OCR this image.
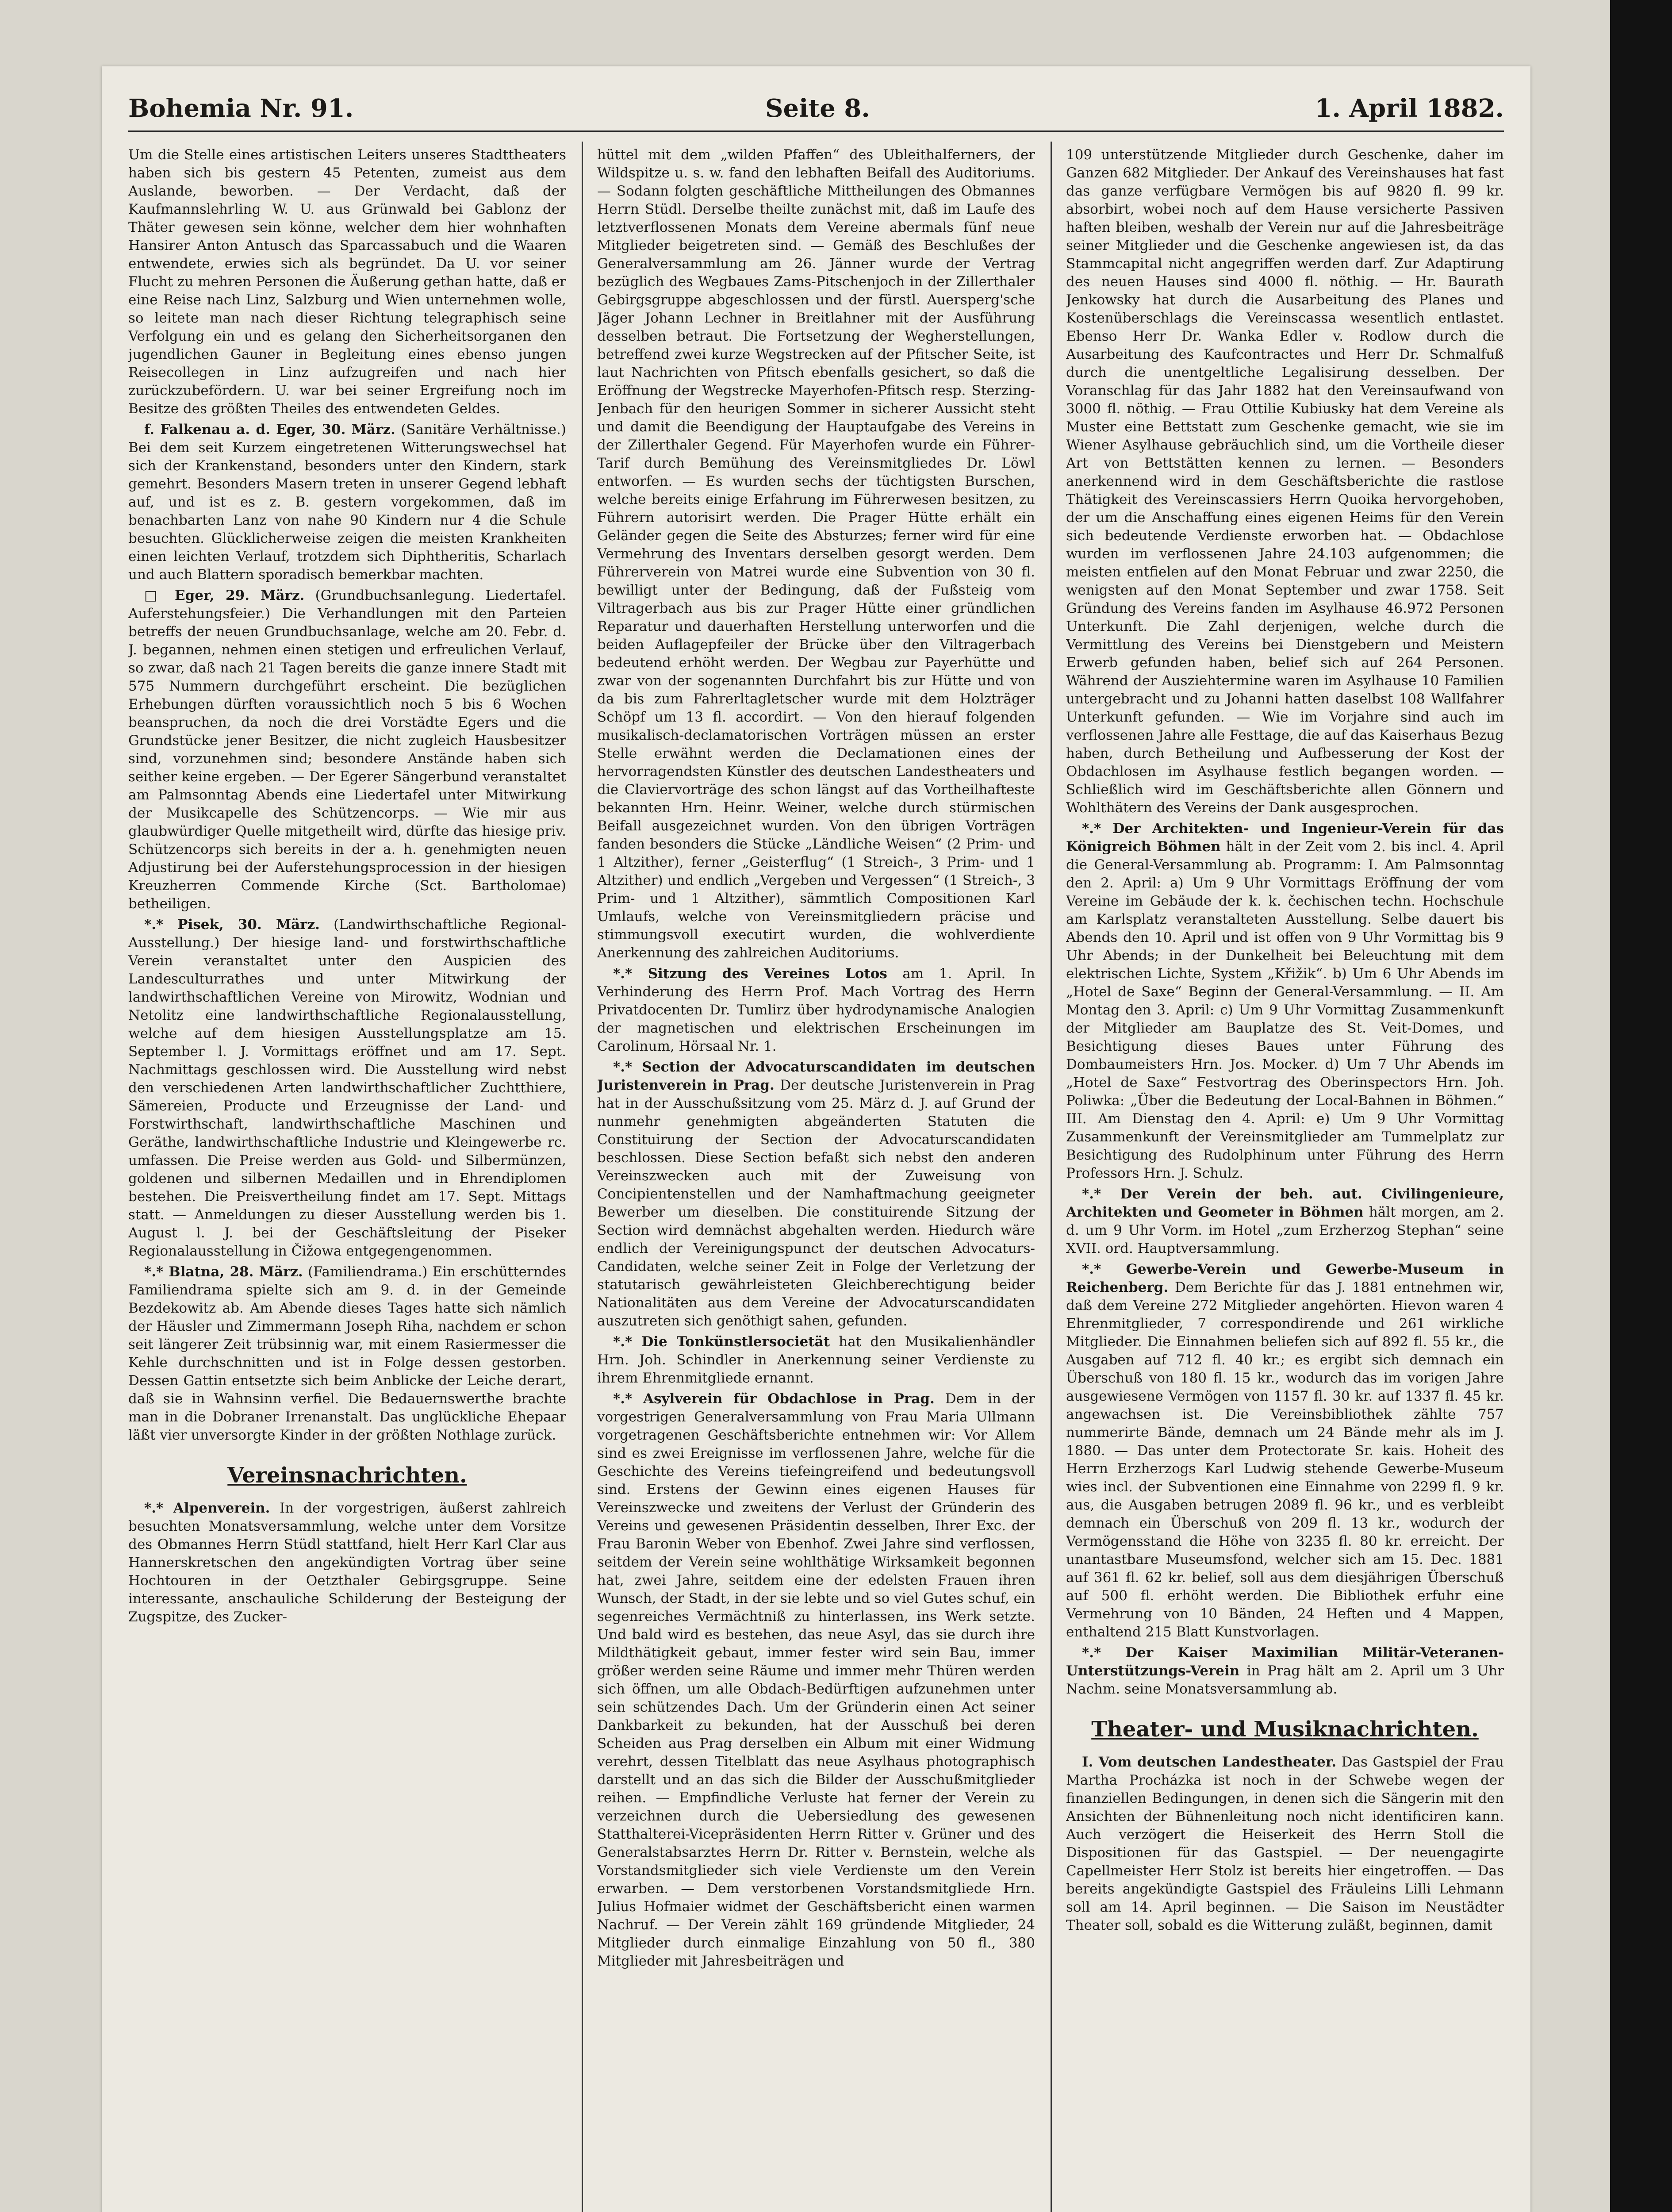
Bohemia Nr. 91.	Seite 8.	1. April 1882.

Um die Stelle eines artistischen Leiters unseres Stadttheaters haben sich bis gestern 45 Petenten, zumeist aus dem Auslande, beworben. — Der Verdacht, daß der Kaufmannslehrling W. U. aus Grünwald bei Gablonz der Thäter gewesen sein könne, welcher dem hier wohnhaften Hansirer Anton Antusch das Sparcassabuch und die Waaren entwendete, erwies sich als begründet. Da U. vor seiner Flucht zu mehren Personen die Äußerung gethan hatte, daß er eine Reise nach Linz, Salzburg und Wien unternehmen wolle, so leitete man nach dieser Richtung telegraphisch seine Verfolgung ein und es gelang den Sicherheitsorganen den jugendlichen Gauner in Begleitung eines ebenso jungen Reisecollegen in Linz aufzugreifen und nach hier zurückzubefördern. U. war bei seiner Ergreifung noch im Besitze des größten Theiles des entwendeten Geldes.

f. Falkenau a. d. Eger, 30. März. (Sanitäre Verhältnisse.) Bei dem seit Kurzem eingetretenen Witterungswechsel hat sich der Krankenstand, besonders unter den Kindern, stark gemehrt. Besonders Masern treten in unserer Gegend lebhaft auf, und ist es z. B. gestern vorgekommen, daß im benachbarten Lanz von nahe 90 Kindern nur 4 die Schule besuchten. Glücklicherweise zeigen die meisten Krankheiten einen leichten Verlauf, trotzdem sich Diphtheritis, Scharlach und auch Blattern sporadisch bemerkbar machten.

□ Eger, 29. März. (Grundbuchsanlegung. Liedertafel. Auferstehungsfeier.) Die Verhandlungen mit den Parteien betreffs der neuen Grundbuchsanlage, welche am 20. Febr. d. J. begannen, nehmen einen stetigen und erfreulichen Verlauf, so zwar, daß nach 21 Tagen bereits die ganze innere Stadt mit 575 Nummern durchgeführt erscheint. Die bezüglichen Erhebungen dürften voraussichtlich noch 5 bis 6 Wochen beanspruchen, da noch die drei Vorstädte Egers und die Grundstücke jener Besitzer, die nicht zugleich Hausbesitzer sind, vorzunehmen sind; besondere Anstände haben sich seither keine ergeben. — Der Egerer Sängerbund veranstaltet am Palmsonntag Abends eine Liedertafel unter Mitwirkung der Musikcapelle des Schützencorps. — Wie mir aus glaubwürdiger Quelle mitgetheilt wird, dürfte das hiesige priv. Schützencorps sich bereits in der a. h. genehmigten neuen Adjustirung bei der Auferstehungsprocession in der hiesigen Kreuzherren Commende Kirche (Sct. Bartholomae) betheiligen.

*.* Pisek, 30. März. (Landwirthschaftliche Regional-Ausstellung.) Der hiesige land- und forstwirthschaftliche Verein veranstaltet unter den Auspicien des Landesculturrathes und unter Mitwirkung der landwirthschaftlichen Vereine von Mirowitz, Wodnian und Netolitz eine landwirthschaftliche Regionalausstellung, welche auf dem hiesigen Ausstellungsplatze am 15. September l. J. Vormittags eröffnet und am 17. Sept. Nachmittags geschlossen wird. Die Ausstellung wird nebst den verschiedenen Arten landwirthschaftlicher Zuchtthiere, Sämereien, Producte und Erzeugnisse der Land- und Forstwirthschaft, landwirthschaftliche Maschinen und Geräthe, landwirthschaftliche Industrie und Kleingewerbe rc. umfassen. Die Preise werden aus Gold- und Silbermünzen, goldenen und silbernen Medaillen und in Ehrendiplomen bestehen. Die Preisvertheilung findet am 17. Sept. Mittags statt. — Anmeldungen zu dieser Ausstellung werden bis 1. August l. J. bei der Geschäftsleitung der Piseker Regionalausstellung in Čižowa entgegengenommen.

*.* Blatna, 28. März. (Familiendrama.) Ein erschütterndes Familiendrama spielte sich am 9. d. in der Gemeinde Bezdekowitz ab. Am Abende dieses Tages hatte sich nämlich der Häusler und Zimmermann Joseph Riha, nachdem er schon seit längerer Zeit trübsinnig war, mit einem Rasiermesser die Kehle durchschnitten und ist in Folge dessen gestorben. Dessen Gattin entsetzte sich beim Anblicke der Leiche derart, daß sie in Wahnsinn verfiel. Die Bedauernswerthe brachte man in die Dobraner Irrenanstalt. Das unglückliche Ehepaar läßt vier unversorgte Kinder in der größten Nothlage zurück.

Vereinsnachrichten.

*.* Alpenverein. In der vorgestrigen, äußerst zahlreich besuchten Monatsversammlung, welche unter dem Vorsitze des Obmannes Herrn Stüdl stattfand, hielt Herr Karl Clar aus Hannerskretschen den angekündigten Vortrag über seine Hochtouren in der Oetzthaler Gebirgsgruppe. Seine interessante, anschauliche Schilderung der Besteigung der Zugspitze, des Zucker-

hüttel mit dem „wilden Pfaffen“ des Ubleithalferners, der Wildspitze u. s. w. fand den lebhaften Beifall des Auditoriums. — Sodann folgten geschäftliche Mittheilungen des Obmannes Herrn Stüdl. Derselbe theilte zunächst mit, daß im Laufe des letztverflossenen Monats dem Vereine abermals fünf neue Mitglieder beigetreten sind. — Gemäß des Beschlußes der Generalversammlung am 26. Jänner wurde der Vertrag bezüglich des Wegbaues Zams-Pitschenjoch in der Zillerthaler Gebirgsgruppe abgeschlossen und der fürstl. Auersperg'sche Jäger Johann Lechner in Breitlahner mit der Ausführung desselben betraut. Die Fortsetzung der Wegherstellungen, betreffend zwei kurze Wegstrecken auf der Pfitscher Seite, ist laut Nachrichten von Pfitsch ebenfalls gesichert, so daß die Eröffnung der Wegstrecke Mayerhofen-Pfitsch resp. Sterzing-Jenbach für den heurigen Sommer in sicherer Aussicht steht und damit die Beendigung der Hauptaufgabe des Vereins in der Zillerthaler Gegend. Für Mayerhofen wurde ein Führer-Tarif durch Bemühung des Vereinsmitgliedes Dr. Löwl entworfen. — Es wurden sechs der tüchtigsten Burschen, welche bereits einige Erfahrung im Führerwesen besitzen, zu Führern autorisirt werden. Die Prager Hütte erhält ein Geländer gegen die Seite des Absturzes; ferner wird für eine Vermehrung des Inventars derselben gesorgt werden. Dem Führerverein von Matrei wurde eine Subvention von 30 fl. bewilligt unter der Bedingung, daß der Fußsteig vom Viltragerbach aus bis zur Prager Hütte einer gründlichen Reparatur und dauerhaften Herstellung unterworfen und die beiden Auflagepfeiler der Brücke über den Viltragerbach bedeutend erhöht werden. Der Wegbau zur Payerhütte und zwar von der sogenannten Durchfahrt bis zur Hütte und von da bis zum Fahrerltagletscher wurde mit dem Holzträger Schöpf um 13 fl. accordirt. — Von den hierauf folgenden musikalisch-declamatorischen Vorträgen müssen an erster Stelle erwähnt werden die Declamationen eines der hervorragendsten Künstler des deutschen Landestheaters und die Claviervorträge des schon längst auf das Vortheilhafteste bekannten Hrn. Heinr. Weiner, welche durch stürmischen Beifall ausgezeichnet wurden. Von den übrigen Vorträgen fanden besonders die Stücke „Ländliche Weisen“ (2 Prim- und 1 Altzither), ferner „Geisterflug“ (1 Streich-, 3 Prim- und 1 Altzither) und endlich „Vergeben und Vergessen“ (1 Streich-, 3 Prim- und 1 Altzither), sämmtlich Compositionen Karl Umlaufs, welche von Vereinsmitgliedern präcise und stimmungsvoll executirt wurden, die wohlverdiente Anerkennung des zahlreichen Auditoriums.

*.* Sitzung des Vereines Lotos am 1. April. In Verhinderung des Herrn Prof. Mach Vortrag des Herrn Privatdocenten Dr. Tumlirz über hydrodynamische Analogien der magnetischen und elektrischen Erscheinungen im Carolinum, Hörsaal Nr. 1.

*.* Section der Advocaturscandidaten im deutschen Juristenverein in Prag. Der deutsche Juristenverein in Prag hat in der Ausschußsitzung vom 25. März d. J. auf Grund der nunmehr genehmigten abgeänderten Statuten die Constituirung der Section der Advocaturscandidaten beschlossen. Diese Section befaßt sich nebst den anderen Vereinszwecken auch mit der Zuweisung von Concipientenstellen und der Namhaftmachung geeigneter Bewerber um dieselben. Die constituirende Sitzung der Section wird demnächst abgehalten werden. Hiedurch wäre endlich der Vereinigungspunct der deutschen Advocaturs-Candidaten, welche seiner Zeit in Folge der Verletzung der statutarisch gewährleisteten Gleichberechtigung beider Nationalitäten aus dem Vereine der Advocaturscandidaten auszutreten sich genöthigt sahen, gefunden.

*.* Die Tonkünstlersocietät hat den Musikalienhändler Hrn. Joh. Schindler in Anerkennung seiner Verdienste zu ihrem Ehrenmitgliede ernannt.

*.* Asylverein für Obdachlose in Prag. Dem in der vorgestrigen Generalversammlung von Frau Maria Ullmann vorgetragenen Geschäftsberichte entnehmen wir: Vor Allem sind es zwei Ereignisse im verflossenen Jahre, welche für die Geschichte des Vereins tiefeingreifend und bedeutungsvoll sind. Erstens der Gewinn eines eigenen Hauses für Vereinszwecke und zweitens der Verlust der Gründerin des Vereins und gewesenen Präsidentin desselben, Ihrer Exc. der Frau Baronin Weber von Ebenhof. Zwei Jahre sind verflossen, seitdem der Verein seine wohlthätige Wirksamkeit begonnen hat, zwei Jahre, seitdem eine der edelsten Frauen ihren Wunsch, der Stadt, in der sie lebte und so viel Gutes schuf, ein segenreiches Vermächtniß zu hinterlassen, ins Werk setzte. Und bald wird es bestehen, das neue Asyl, das sie durch ihre Mildthätigkeit gebaut, immer fester wird sein Bau, immer größer werden seine Räume und immer mehr Thüren werden sich öffnen, um alle Obdach-Bedürftigen aufzunehmen unter sein schützendes Dach. Um der Gründerin einen Act seiner Dankbarkeit zu bekunden, hat der Ausschuß bei deren Scheiden aus Prag derselben ein Album mit einer Widmung verehrt, dessen Titelblatt das neue Asylhaus photographisch darstellt und an das sich die Bilder der Ausschußmitglieder reihen. — Empfindliche Verluste hat ferner der Verein zu verzeichnen durch die Uebersiedlung des gewesenen Statthalterei-Vicepräsidenten Herrn Ritter v. Grüner und des Generalstabsarztes Herrn Dr. Ritter v. Bernstein, welche als Vorstandsmitglieder sich viele Verdienste um den Verein erwarben. — Dem verstorbenen Vorstandsmitgliede Hrn. Julius Hofmaier widmet der Geschäftsbericht einen warmen Nachruf. — Der Verein zählt 169 gründende Mitglieder, 24 Mitglieder durch einmalige Einzahlung von 50 fl., 380 Mitglieder mit Jahresbeiträgen und

109 unterstützende Mitglieder durch Geschenke, daher im Ganzen 682 Mitglieder. Der Ankauf des Vereinshauses hat fast das ganze verfügbare Vermögen bis auf 9820 fl. 99 kr. absorbirt, wobei noch auf dem Hause versicherte Passiven haften bleiben, weshalb der Verein nur auf die Jahresbeiträge seiner Mitglieder und die Geschenke angewiesen ist, da das Stammcapital nicht angegriffen werden darf. Zur Adaptirung des neuen Hauses sind 4000 fl. nöthig. — Hr. Baurath Jenkowsky hat durch die Ausarbeitung des Planes und Kostenüberschlags die Vereinscassa wesentlich entlastet. Ebenso Herr Dr. Wanka Edler v. Rodlow durch die Ausarbeitung des Kaufcontractes und Herr Dr. Schmalfuß durch die unentgeltliche Legalisirung desselben. Der Voranschlag für das Jahr 1882 hat den Vereinsaufwand von 3000 fl. nöthig. — Frau Ottilie Kubiusky hat dem Vereine als Muster eine Bettstatt zum Geschenke gemacht, wie sie im Wiener Asylhause gebräuchlich sind, um die Vortheile dieser Art von Bettstätten kennen zu lernen. — Besonders anerkennend wird in dem Geschäftsberichte die rastlose Thätigkeit des Vereinscassiers Herrn Quoika hervorgehoben, der um die Anschaffung eines eigenen Heims für den Verein sich bedeutende Verdienste erworben hat. — Obdachlose wurden im verflossenen Jahre 24.103 aufgenommen; die meisten entfielen auf den Monat Februar und zwar 2250, die wenigsten auf den Monat September und zwar 1758. Seit Gründung des Vereins fanden im Asylhause 46.972 Personen Unterkunft. Die Zahl derjenigen, welche durch die Vermittlung des Vereins bei Dienstgebern und Meistern Erwerb gefunden haben, belief sich auf 264 Personen. Während der Ausziehtermine waren im Asylhause 10 Familien untergebracht und zu Johanni hatten daselbst 108 Wallfahrer Unterkunft gefunden. — Wie im Vorjahre sind auch im verflossenen Jahre alle Festtage, die auf das Kaiserhaus Bezug haben, durch Betheilung und Aufbesserung der Kost der Obdachlosen im Asylhause festlich begangen worden. — Schließlich wird im Geschäftsberichte allen Gönnern und Wohlthätern des Vereins der Dank ausgesprochen.

*.* Der Architekten- und Ingenieur-Verein für das Königreich Böhmen hält in der Zeit vom 2. bis incl. 4. April die General-Versammlung ab. Programm: I. Am Palmsonntag den 2. April: a) Um 9 Uhr Vormittags Eröffnung der vom Vereine im Gebäude der k. k. čechischen techn. Hochschule am Karlsplatz veranstalteten Ausstellung. Selbe dauert bis Abends den 10. April und ist offen von 9 Uhr Vormittag bis 9 Uhr Abends; in der Dunkelheit bei Beleuchtung mit dem elektrischen Lichte, System „Křižik“. b) Um 6 Uhr Abends im „Hotel de Saxe“ Beginn der General-Versammlung. — II. Am Montag den 3. April: c) Um 9 Uhr Vormittag Zusammenkunft der Mitglieder am Bauplatze des St. Veit-Domes, und Besichtigung dieses Baues unter Führung des Dombaumeisters Hrn. Jos. Mocker. d) Um 7 Uhr Abends im „Hotel de Saxe“ Festvortrag des Oberinspectors Hrn. Joh. Poliwka: „Über die Bedeutung der Local-Bahnen in Böhmen.“ III. Am Dienstag den 4. April: e) Um 9 Uhr Vormittag Zusammenkunft der Vereinsmitglieder am Tummelplatz zur Besichtigung des Rudolphinum unter Führung des Herrn Professors Hrn. J. Schulz.

*.* Der Verein der beh. aut. Civilingenieure, Architekten und Geometer in Böhmen hält morgen, am 2. d. um 9 Uhr Vorm. im Hotel „zum Erzherzog Stephan“ seine XVII. ord. Hauptversammlung.

*.* Gewerbe-Verein und Gewerbe-Museum in Reichenberg. Dem Berichte für das J. 1881 entnehmen wir, daß dem Vereine 272 Mitglieder angehörten. Hievon waren 4 Ehrenmitglieder, 7 correspondirende und 261 wirkliche Mitglieder. Die Einnahmen beliefen sich auf 892 fl. 55 kr., die Ausgaben auf 712 fl. 40 kr.; es ergibt sich demnach ein Überschuß von 180 fl. 15 kr., wodurch das im vorigen Jahre ausgewiesene Vermögen von 1157 fl. 30 kr. auf 1337 fl. 45 kr. angewachsen ist. Die Vereinsbibliothek zählte 757 nummerirte Bände, demnach um 24 Bände mehr als im J. 1880. — Das unter dem Protectorate Sr. kais. Hoheit des Herrn Erzherzogs Karl Ludwig stehende Gewerbe-Museum wies incl. der Subventionen eine Einnahme von 2299 fl. 9 kr. aus, die Ausgaben betrugen 2089 fl. 96 kr., und es verbleibt demnach ein Überschuß von 209 fl. 13 kr., wodurch der Vermögensstand die Höhe von 3235 fl. 80 kr. erreicht. Der unantastbare Museumsfond, welcher sich am 15. Dec. 1881 auf 361 fl. 62 kr. belief, soll aus dem diesjährigen Überschuß auf 500 fl. erhöht werden. Die Bibliothek erfuhr eine Vermehrung von 10 Bänden, 24 Heften und 4 Mappen, enthaltend 215 Blatt Kunstvorlagen.

*.* Der Kaiser Maximilian Militär-Veteranen-Unterstützungs-Verein in Prag hält am 2. April um 3 Uhr Nachm. seine Monatsversammlung ab.

Theater- und Musiknachrichten.

I. Vom deutschen Landestheater. Das Gastspiel der Frau Martha Procházka ist noch in der Schwebe wegen der finanziellen Bedingungen, in denen sich die Sängerin mit den Ansichten der Bühnenleitung noch nicht identificiren kann. Auch verzögert die Heiserkeit des Herrn Stoll die Dispositionen für das Gastspiel. — Der neuengagirte Capellmeister Herr Stolz ist bereits hier eingetroffen. — Das bereits angekündigte Gastspiel des Fräuleins Lilli Lehmann soll am 14. April beginnen. — Die Saison im Neustädter Theater soll, sobald es die Witterung zuläßt, beginnen, damit
